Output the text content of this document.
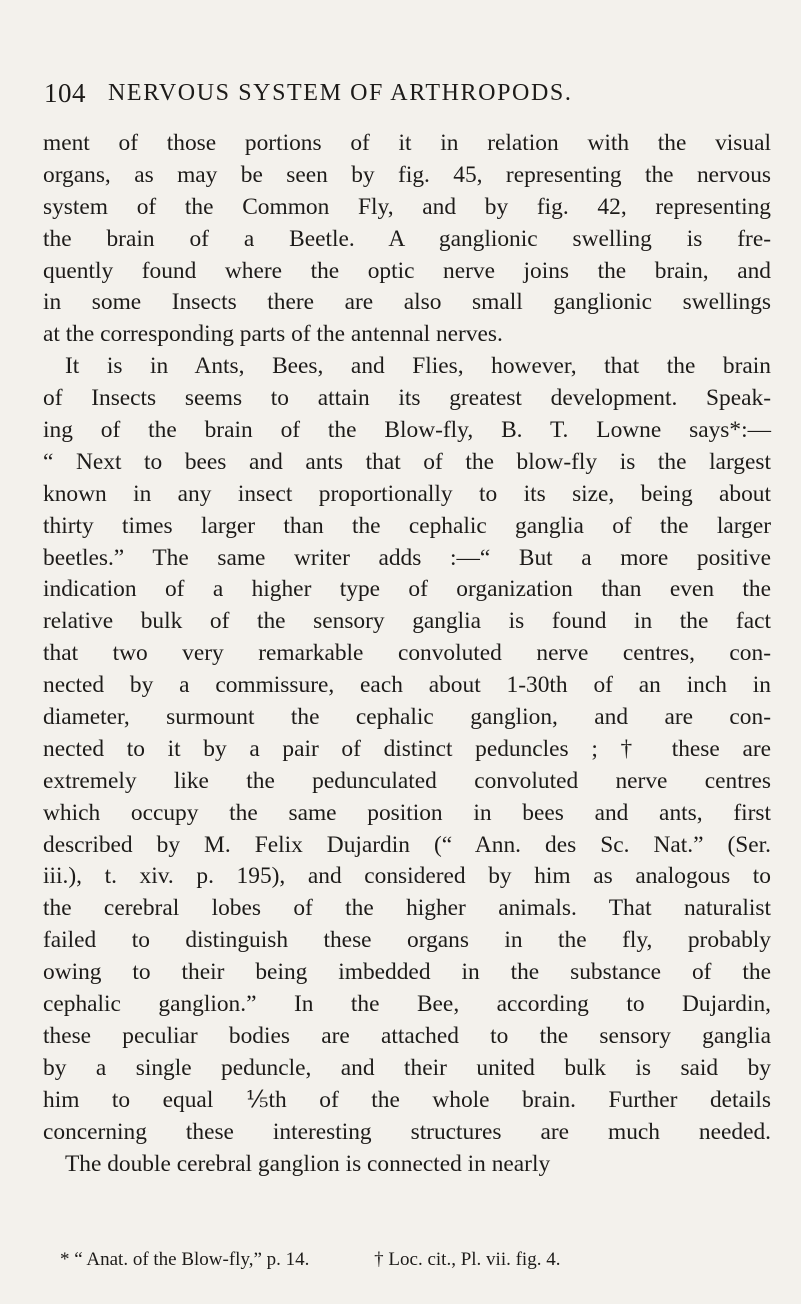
104 NERVOUS SYSTEM OF ARTHROPODS.
ment of those portions of it in relation with the visual
organs, as may be seen by fig. 45, representing the nervous
system of the Common Fly, and by fig. 42, representing
the brain of a Beetle. A ganglionic swelling is fre-
quently found where the optic nerve joins the brain, and
in some Insects there are also small ganglionic swellings
at the corresponding parts of the antennal nerves.
It is in Ants, Bees, and Flies, however, that the brain
of Insects seems to attain its greatest development. Speak-
ing of the brain of the Blow-fly, B. T. Lowne says*:—
“ Next to bees and ants that of the blow-fly is the largest
known in any insect proportionally to its size, being about
thirty times larger than the cephalic ganglia of the larger
beetles.” The same writer adds :—“ But a more positive
indication of a higher type of organization than even the
relative bulk of the sensory ganglia is found in the fact
that two very remarkable convoluted nerve centres, con-
nected by a commissure, each about 1-30th of an inch in
diameter, surmount the cephalic ganglion, and are con-
nected to it by a pair of distinct peduncles ; † these are
extremely like the pedunculated convoluted nerve centres
which occupy the same position in bees and ants, first
described by M. Felix Dujardin (“ Ann. des Sc. Nat.” (Ser.
iii.), t. xiv. p. 195), and considered by him as analogous to
the cerebral lobes of the higher animals. That naturalist
failed to distinguish these organs in the fly, probably
owing to their being imbedded in the substance of the
cephalic ganglion.” In the Bee, according to Dujardin,
these peculiar bodies are attached to the sensory ganglia
by a single peduncle, and their united bulk is said by
him to equal ⅕th of the whole brain. Further details
concerning these interesting structures are much needed.
The double cerebral ganglion is connected in nearly
* “ Anat. of the Blow-fly,” p. 14.	† Loc. cit., Pl. vii. fig. 4.
